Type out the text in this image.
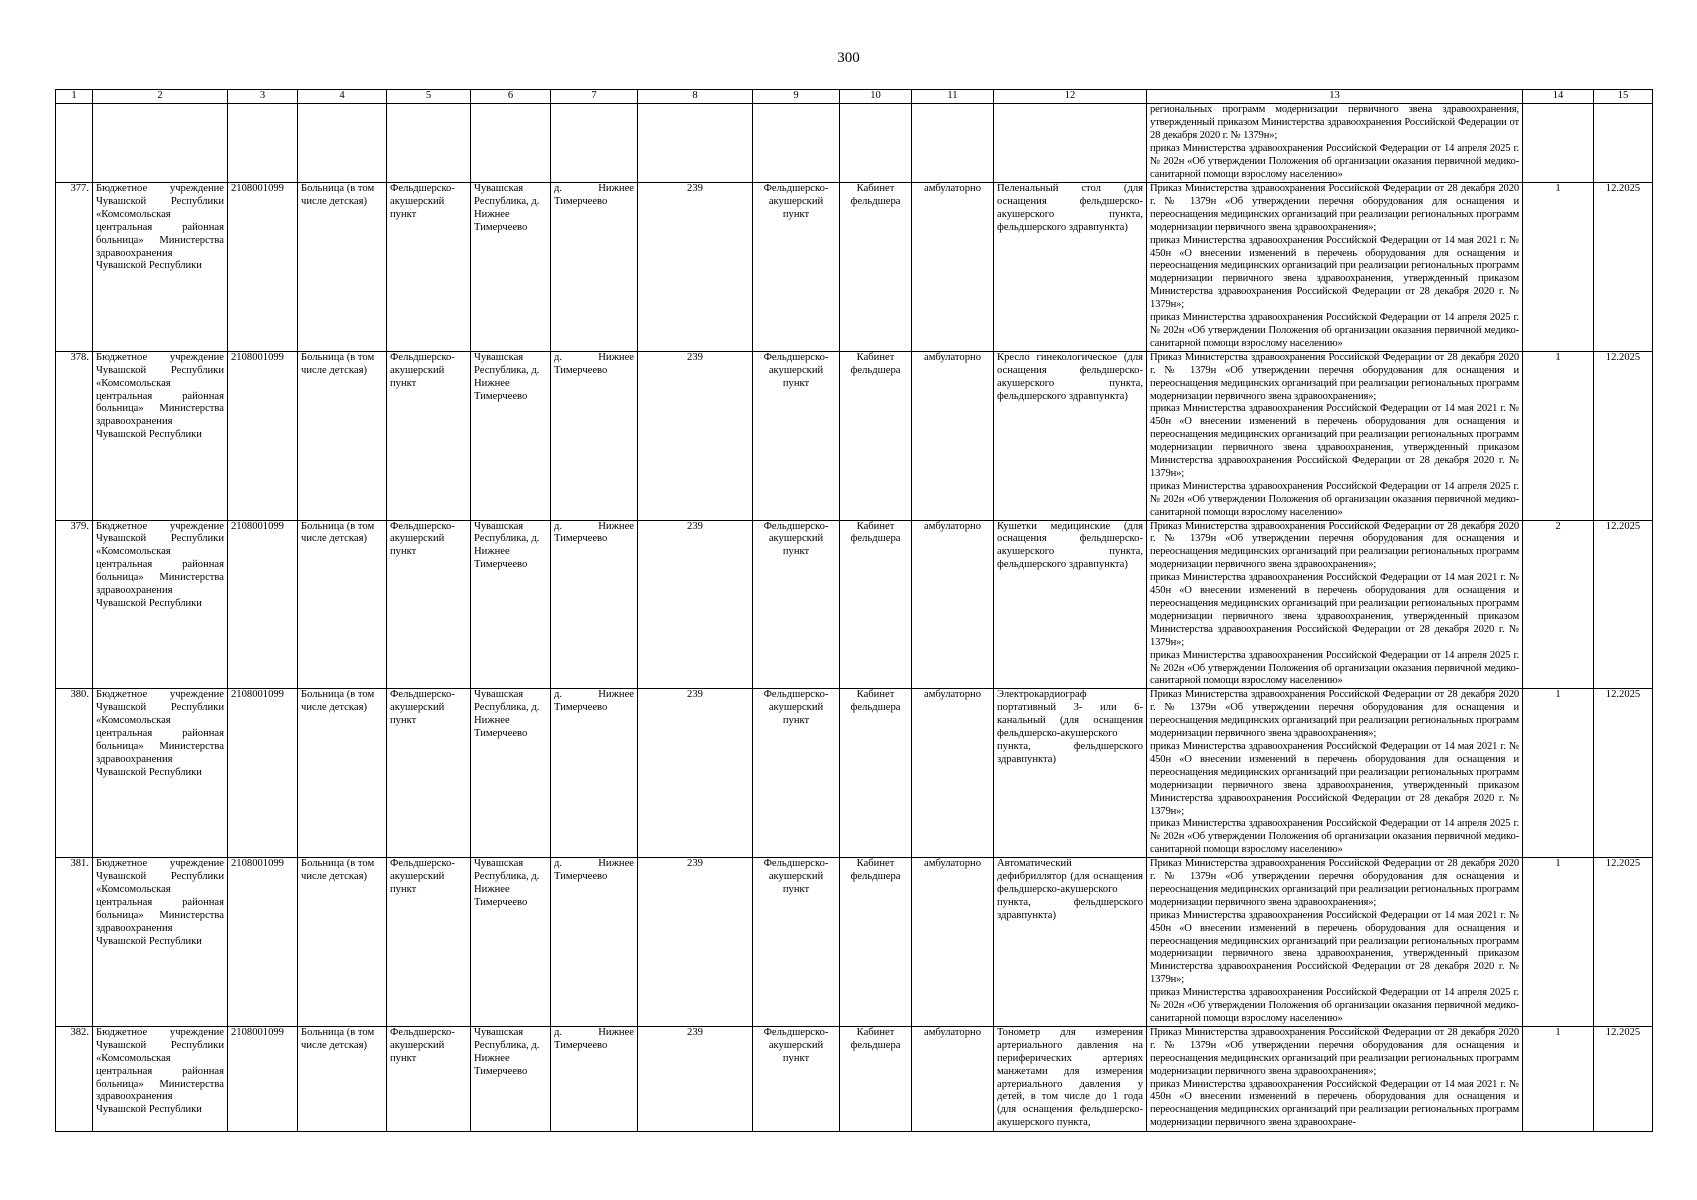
300
1	2	3	4	5	6	7	8	9	10	11	12	13	14	15

												региональных программ модернизации первичного звена здравоохранения, утвержденный приказом Министерства здравоохранения Российской Федерации от 28 декабря 2020 г. № 1379н»;
приказ Министерства здравоохранения Российской Федерации от 14 апреля 2025 г. № 202н «Об утверждении Положения об организации оказания первичной медико-санитарной помощи взрослому населению»		

377.	Бюджетное учреждение Чувашской Республики «Комсомольская центральная районная больница» Министерства здравоохранения Чувашской Республики	2108001099	Больница (в том числе детская)	Фельдшерско-акушерский пункт	Чувашская Республика, д. Нижнее Тимерчеево	д. Нижнее Тимерчеево	239	Фельдшерско-акушерский пункт	Кабинет фельдшера	амбулаторно	Пеленальный стол (для оснащения фельдшерско-акушерского пункта, фельдшерского здравпункта)	Приказ Министерства здравоохранения Российской Федерации от 28 декабря 2020 г. № 1379н «Об утверждении перечня оборудования для оснащения и переоснащения медицинских организаций при реализации региональных программ модернизации первичного звена здравоохранения»;
приказ Министерства здравоохранения Российской Федерации от 14 мая 2021 г. № 450н «О внесении изменений в перечень оборудования для оснащения и переоснащения медицинских организаций при реализации региональных программ модернизации первичного звена здравоохранения, утвержденный приказом Министерства здравоохранения Российской Федерации от 28 декабря 2020 г. № 1379н»;
приказ Министерства здравоохранения Российской Федерации от 14 апреля 2025 г. № 202н «Об утверждении Положения об организации оказания первичной медико-санитарной помощи взрослому населению»	1	12.2025

378.	Бюджетное учреждение Чувашской Республики «Комсомольская центральная районная больница» Министерства здравоохранения Чувашской Республики	2108001099	Больница (в том числе детская)	Фельдшерско-акушерский пункт	Чувашская Республика, д. Нижнее Тимерчеево	д. Нижнее Тимерчеево	239	Фельдшерско-акушерский пункт	Кабинет фельдшера	амбулаторно	Кресло гинекологическое (для оснащения фельдшерско-акушерского пункта, фельдшерского здравпункта)	Приказ Министерства здравоохранения Российской Федерации от 28 декабря 2020 г. № 1379н «Об утверждении перечня оборудования для оснащения и переоснащения медицинских организаций при реализации региональных программ модернизации первичного звена здравоохранения»;
приказ Министерства здравоохранения Российской Федерации от 14 мая 2021 г. № 450н «О внесении изменений в перечень оборудования для оснащения и переоснащения медицинских организаций при реализации региональных программ модернизации первичного звена здравоохранения, утвержденный приказом Министерства здравоохранения Российской Федерации от 28 декабря 2020 г. № 1379н»;
приказ Министерства здравоохранения Российской Федерации от 14 апреля 2025 г. № 202н «Об утверждении Положения об организации оказания первичной медико-санитарной помощи взрослому населению»	1	12.2025

379.	Бюджетное учреждение Чувашской Республики «Комсомольская центральная районная больница» Министерства здравоохранения Чувашской Республики	2108001099	Больница (в том числе детская)	Фельдшерско-акушерский пункт	Чувашская Республика, д. Нижнее Тимерчеево	д. Нижнее Тимерчеево	239	Фельдшерско-акушерский пункт	Кабинет фельдшера	амбулаторно	Кушетки медицинские (для оснащения фельдшерско-акушерского пункта, фельдшерского здравпункта)	Приказ Министерства здравоохранения Российской Федерации от 28 декабря 2020 г. № 1379н «Об утверждении перечня оборудования для оснащения и переоснащения медицинских организаций при реализации региональных программ модернизации первичного звена здравоохранения»;
приказ Министерства здравоохранения Российской Федерации от 14 мая 2021 г. № 450н «О внесении изменений в перечень оборудования для оснащения и переоснащения медицинских организаций при реализации региональных программ модернизации первичного звена здравоохранения, утвержденный приказом Министерства здравоохранения Российской Федерации от 28 декабря 2020 г. № 1379н»;
приказ Министерства здравоохранения Российской Федерации от 14 апреля 2025 г. № 202н «Об утверждении Положения об организации оказания первичной медико-санитарной помощи взрослому населению»	2	12.2025

380.	Бюджетное учреждение Чувашской Республики «Комсомольская центральная районная больница» Министерства здравоохранения Чувашской Республики	2108001099	Больница (в том числе детская)	Фельдшерско-акушерский пункт	Чувашская Республика, д. Нижнее Тимерчеево	д. Нижнее Тимерчеево	239	Фельдшерско-акушерский пункт	Кабинет фельдшера	амбулаторно	Электрокардиограф портативный 3- или 6-канальный (для оснащения фельдшерско-акушерского пункта, фельдшерского здравпункта)	Приказ Министерства здравоохранения Российской Федерации от 28 декабря 2020 г. № 1379н «Об утверждении перечня оборудования для оснащения и переоснащения медицинских организаций при реализации региональных программ модернизации первичного звена здравоохранения»;
приказ Министерства здравоохранения Российской Федерации от 14 мая 2021 г. № 450н «О внесении изменений в перечень оборудования для оснащения и переоснащения медицинских организаций при реализации региональных программ модернизации первичного звена здравоохранения, утвержденный приказом Министерства здравоохранения Российской Федерации от 28 декабря 2020 г. № 1379н»;
приказ Министерства здравоохранения Российской Федерации от 14 апреля 2025 г. № 202н «Об утверждении Положения об организации оказания первичной медико-санитарной помощи взрослому населению»	1	12.2025

381.	Бюджетное учреждение Чувашской Республики «Комсомольская центральная районная больница» Министерства здравоохранения Чувашской Республики	2108001099	Больница (в том числе детская)	Фельдшерско-акушерский пункт	Чувашская Республика, д. Нижнее Тимерчеево	д. Нижнее Тимерчеево	239	Фельдшерско-акушерский пункт	Кабинет фельдшера	амбулаторно	Автоматический дефибриллятор (для оснащения фельдшерско-акушерского пункта, фельдшерского здравпункта)	Приказ Министерства здравоохранения Российской Федерации от 28 декабря 2020 г. № 1379н «Об утверждении перечня оборудования для оснащения и переоснащения медицинских организаций при реализации региональных программ модернизации первичного звена здравоохранения»;
приказ Министерства здравоохранения Российской Федерации от 14 мая 2021 г. № 450н «О внесении изменений в перечень оборудования для оснащения и переоснащения медицинских организаций при реализации региональных программ модернизации первичного звена здравоохранения, утвержденный приказом Министерства здравоохранения Российской Федерации от 28 декабря 2020 г. № 1379н»;
приказ Министерства здравоохранения Российской Федерации от 14 апреля 2025 г. № 202н «Об утверждении Положения об организации оказания первичной медико-санитарной помощи взрослому населению»	1	12.2025

382.	Бюджетное учреждение Чувашской Республики «Комсомольская центральная районная больница» Министерства здравоохранения Чувашской Республики	2108001099	Больница (в том числе детская)	Фельдшерско-акушерский пункт	Чувашская Республика, д. Нижнее Тимерчеево	д. Нижнее Тимерчеево	239	Фельдшерско-акушерский пункт	Кабинет фельдшера	амбулаторно	Тонометр для измерения артериального давления на периферических артериях манжетами для измерения артериального давления у детей, в том числе до 1 года (для оснащения фельдшерско-акушерского пункта,	Приказ Министерства здравоохранения Российской Федерации от 28 декабря 2020 г. № 1379н «Об утверждении перечня оборудования для оснащения и переоснащения медицинских организаций при реализации региональных программ модернизации первичного звена здравоохранения»;
приказ Министерства здравоохранения Российской Федерации от 14 мая 2021 г. № 450н «О внесении изменений в перечень оборудования для оснащения и переоснащения медицинских организаций при реализации региональных программ модернизации первичного звена здравоохране-	1	12.2025
